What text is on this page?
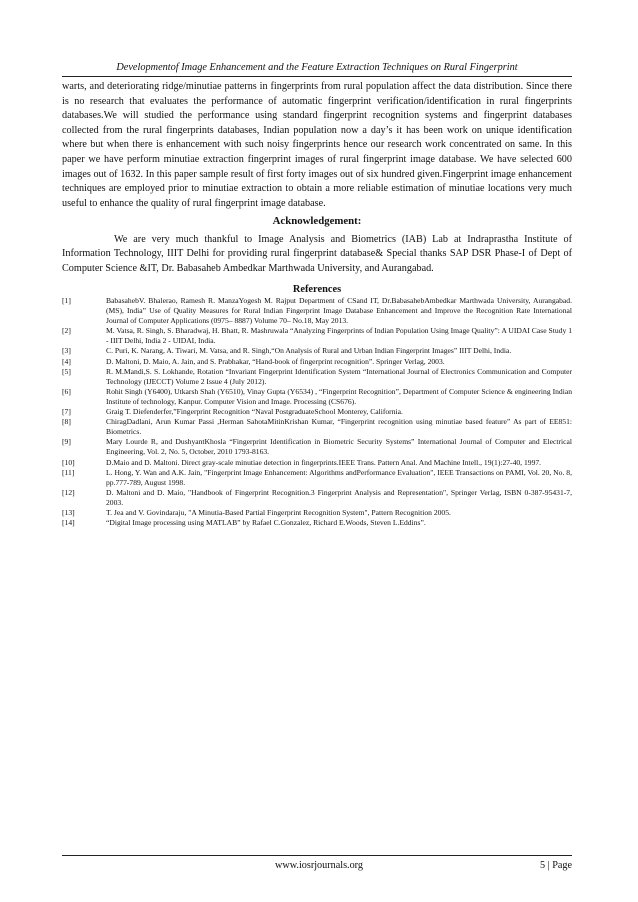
Developmentof Image Enhancement and the Feature Extraction Techniques on Rural Fingerprint
warts, and deteriorating ridge/minutiae patterns in fingerprints from rural population affect the data distribution. Since there is no research that evaluates the performance of automatic fingerprint verification/identification in rural fingerprints databases.We will studied the performance using standard fingerprint recognition systems and fingerprint databases collected from the rural fingerprints databases, Indian population now a day’s it has been work on unique identification where but when there is enhancement with such noisy fingerprints hence our research work concentrated on same. In this paper we have perform minutiae extraction fingerprint images of rural fingerprint image database. We have selected 600 images out of 1632. In this paper sample result of first forty images out of six hundred given.Fingerprint image enhancement techniques are employed prior to minutiae extraction to obtain a more reliable estimation of minutiae locations very much useful to enhance the quality of rural fingerprint image database.
Acknowledgement:
We are very much thankful to Image Analysis and Biometrics (IAB) Lab at Indraprastha Institute of Information Technology, IIIT Delhi for providing rural fingerprint database& Special thanks SAP DSR Phase-I of Dept of Computer Science &IT, Dr. Babasaheb Ambedkar Marthwada University, and Aurangabad.
References
[1]	BabasahebV. Bhalerao, Ramesh R. ManzaYogesh M. Rajput Department of CSand IT, Dr.BabasahebAmbedkar Marthwada University, Aurangabad.(MS), India” Use of Quality Measures for Rural Indian Fingerprint Image Database Enhancement and Improve the Recognition Rate International Journal of Computer Applications (0975– 8887) Volume 70– No.18, May 2013.
[2]	M. Vatsa, R. Singh, S. Bharadwaj, H. Bhatt, R. Mashruwala “Analyzing Fingerprints of Indian Population Using Image Quality”: A UIDAI Case Study 1 - IIIT Delhi, India 2 - UIDAI, India.
[3]	C. Puri, K. Narang, A. Tiwari, M. Vatsa, and R. Singh,“On Analysis of Rural and Urban Indian Fingerprint Images” IIIT Delhi, India.
[4]	D. Maltoni, D. Maio, A. Jain, and S. Prabhakar, “Hand-book of fingerprint recognition”. Springer Verlag, 2003.
[5]	R. M.Mandi,S. S. Lokhande, Rotation “Invariant Fingerprint Identification System “International Journal of Electronics Communication and Computer Technology (IJECCT) Volume 2 Issue 4 (July 2012).
[6]	Rohit Singh (Y6400), Utkarsh Shah (Y6510), Vinay Gupta (Y6534) , “Fingerprint Recognition”, Department of Computer Science & engineering Indian Institute of technology, Kanpur. Computer Vision and Image. Processing (CS676).
[7]	Graig T. Diefenderfer,”Fingerprint Recognition “Naval PostgraduateSchool Monterey, California.
[8]	ChiragDadlani, Arun Kumar Passi ,Herman SahotaMitinKrishan Kumar, “Fingerprint recognition using minutiae based feature” As part of EE851: Biometrics.
[9]	Mary Lourde R, and DushyantKhosla “Fingerprint Identification in Biometric Security Systems” International Journal of Computer and Electrical Engineering, Vol. 2, No. 5, October, 2010 1793-8163.
[10]	D.Maio and D. Maltoni. Direct gray-scale minutiae detection in fingerprints.IEEE Trans. Pattern Anal. And Machine Intell., 19(1):27-40, 1997.
[11]	L. Hong, Y. Wan and A.K. Jain, "Fingerprint Image Enhancement: Algorithms andPerformance Evaluation", IEEE Transactions on PAMI, Vol. 20, No. 8, pp.777-789, August 1998.
[12]	D. Maltoni and D. Maio, "Handbook of Fingerprint Recognition.3 Fingerprint Analysis and Representation", Springer Verlag, ISBN 0-387-95431-7, 2003.
[13]	T. Jea and V. Govindaraju, "A Minutia-Based Partial Fingerprint Recognition System", Pattern Recognition 2005.
[14]	“Digital Image processing using MATLAB” by Rafael C.Gonzalez, Richard E.Woods, Steven L.Eddins”.
www.iosrjournals.org	5 | Page
